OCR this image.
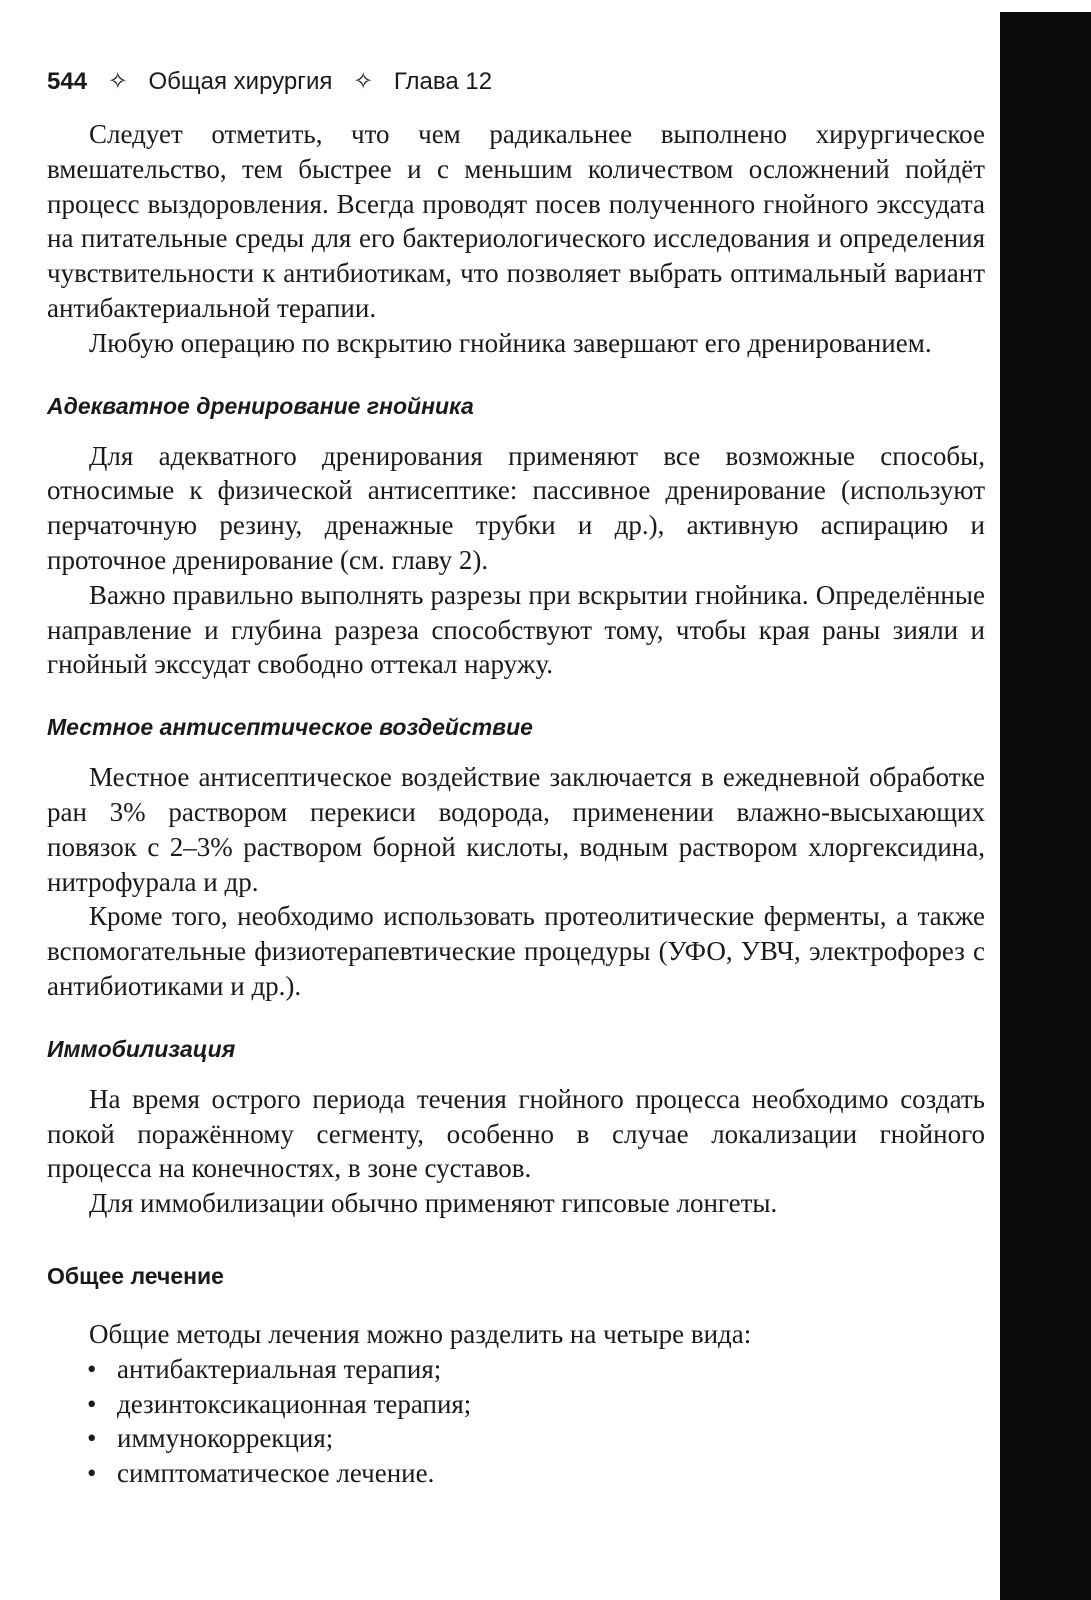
544 ✧ Общая хирургия ✧ Глава 12

Следует отметить, что чем радикальнее выполнено хирургическое вмешательство, тем быстрее и с меньшим количеством осложнений пойдёт процесс выздоровления. Всегда проводят посев полученного гнойного экссудата на питательные среды для его бактериологического исследования и определения чувствительности к антибиотикам, что позволяет выбрать оптимальный вариант антибактериальной терапии.

Любую операцию по вскрытию гнойника завершают его дренированием.

Адекватное дренирование гнойника

Для адекватного дренирования применяют все возможные способы, относимые к физической антисептике: пассивное дренирование (используют перчаточную резину, дренажные трубки и др.), активную аспирацию и проточное дренирование (см. главу 2).

Важно правильно выполнять разрезы при вскрытии гнойника. Определённые направление и глубина разреза способствуют тому, чтобы края раны зияли и гнойный экссудат свободно оттекал наружу.

Местное антисептическое воздействие

Местное антисептическое воздействие заключается в ежедневной обработке ран 3% раствором перекиси водорода, применении влажно-высыхающих повязок с 2–3% раствором борной кислоты, водным раствором хлоргексидина, нитрофурала и др.

Кроме того, необходимо использовать протеолитические ферменты, а также вспомогательные физиотерапевтические процедуры (УФО, УВЧ, электрофорез с антибиотиками и др.).

Иммобилизация

На время острого периода течения гнойного процесса необходимо создать покой поражённому сегменту, особенно в случае локализации гнойного процесса на конечностях, в зоне суставов.

Для иммобилизации обычно применяют гипсовые лонгеты.

Общее лечение

Общие методы лечения можно разделить на четыре вида:

• антибактериальная терапия;
• дезинтоксикационная терапия;
• иммунокоррекция;
• симптоматическое лечение.
